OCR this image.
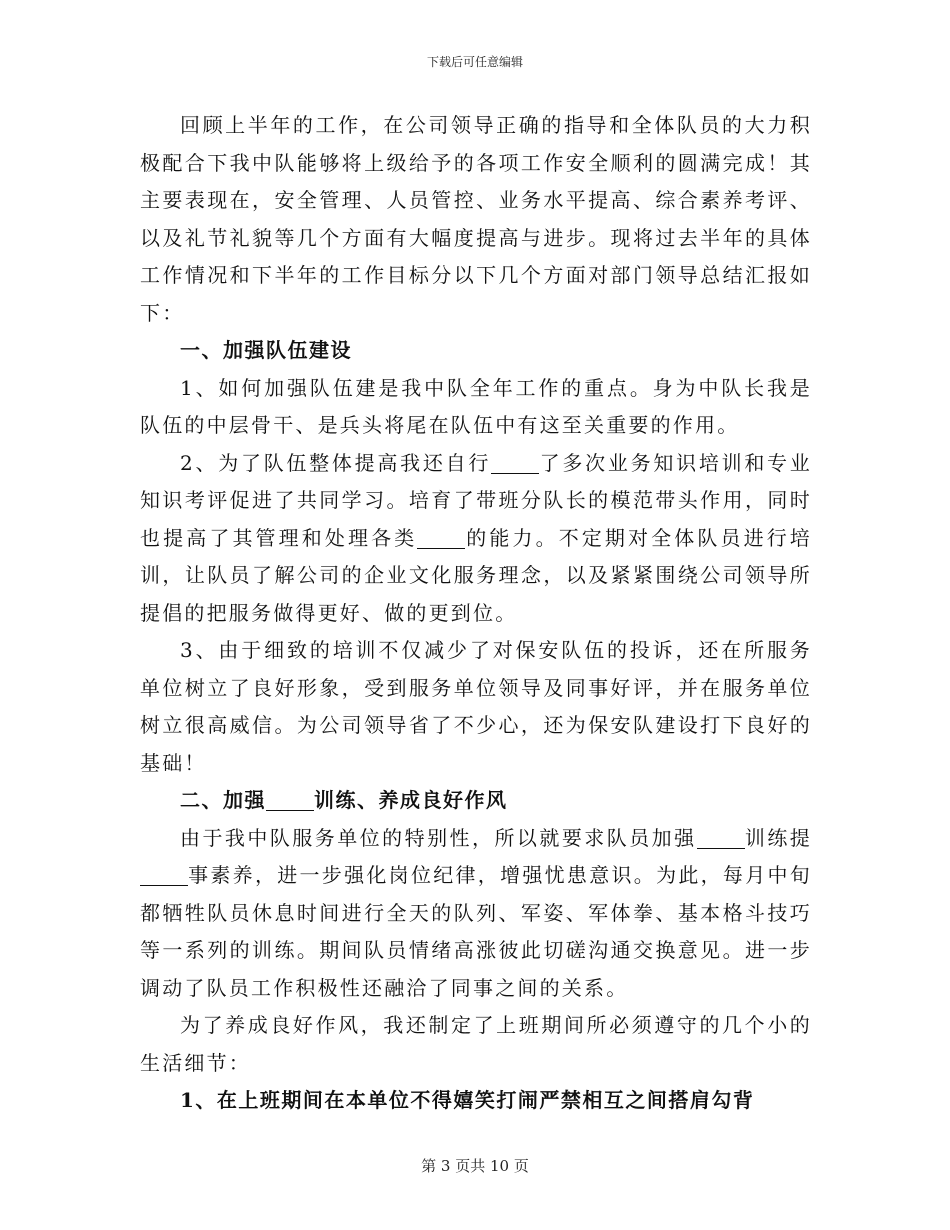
下载后可任意编辑

回顾上半年的工作，在公司领导正确的指导和全体队员的大力积极配合下我中队能够将上级给予的各项工作安全顺利的圆满完成！其主要表现在，安全管理、人员管控、业务水平提高、综合素养考评、以及礼节礼貌等几个方面有大幅度提高与进步。现将过去半年的具体工作情况和下半年的工作目标分以下几个方面对部门领导总结汇报如下：

一、加强队伍建设

1、如何加强队伍建是我中队全年工作的重点。身为中队长我是队伍的中层骨干、是兵头将尾在队伍中有这至关重要的作用。

2、为了队伍整体提高我还自行 了多次业务知识培训和专业知识考评促进了共同学习。培育了带班分队长的模范带头作用，同时也提高了其管理和处理各类 的能力。不定期对全体队员进行培训，让队员了解公司的企业文化服务理念，以及紧紧围绕公司领导所提倡的把服务做得更好、做的更到位。

3、由于细致的培训不仅减少了对保安队伍的投诉，还在所服务单位树立了良好形象，受到服务单位领导及同事好评，并在服务单位树立很高威信。为公司领导省了不少心，还为保安队建设打下良好的基础！

二、加强 训练、养成良好作风

由于我中队服务单位的特别性，所以就要求队员加强 训练提事素养，进一步强化岗位纪律，增强忧患意识。为此，每月中旬都牺牲队员休息时间进行全天的队列、军姿、军体拳、基本格斗技巧等一系列的训练。期间队员情绪高涨彼此切磋沟通交换意见。进一步调动了队员工作积极性还融洽了同事之间的关系。

为了养成良好作风，我还制定了上班期间所必须遵守的几个小的生活细节：

1、在上班期间在本单位不得嬉笑打闹严禁相互之间搭肩勾背

第 3 页共 10 页
